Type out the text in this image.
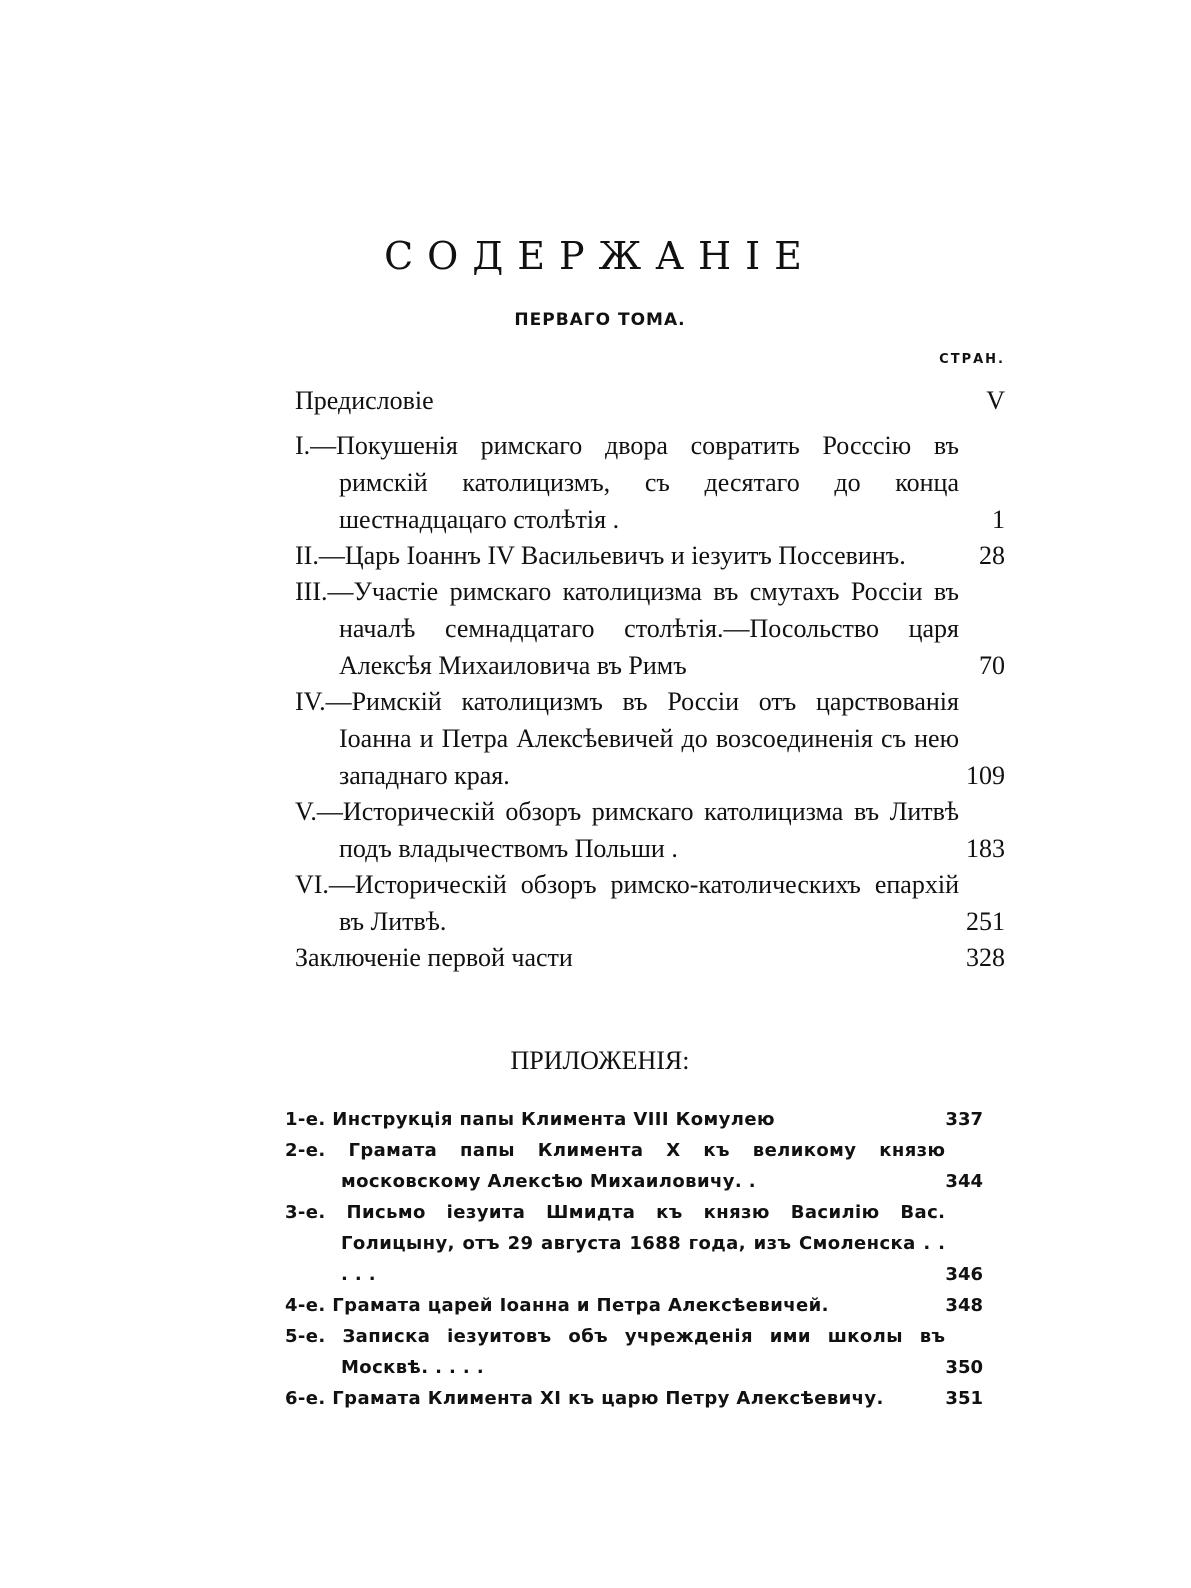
СОДЕРЖАНІЕ
ПЕРВАГО ТОМА.
СТРАН.
Предисловіе	V
I.—Покушенія римскаго двора совратить Росссію въ римскій католицизмъ, съ десятаго до конца шестнадцацаго столѣтія .	1
II.—Царь Іоаннъ IV Васильевичъ и іезуитъ Поссевинъ.	28
III.—Участіе римскаго католицизма въ смутахъ Россіи въ началѣ семнадцатаго столѣтія.—Посольство царя Алексѣя Михаиловича въ Римъ	70
IV.—Римскій католицизмъ въ Россіи отъ царствованія Іоанна и Петра Алексѣевичей до возсоединенія съ нею западнаго края.	109
V.—Историческій обзоръ римскаго католицизма въ Литвѣ подъ владычествомъ Польши .	183
VI.—Историческій обзоръ римско-католическихъ епархій въ Литвѣ.	251
Заключеніе первой части	328
ПРИЛОЖЕНІЯ:
1-е. Инструкція папы Климента VIII Комулею	337
2-е. Грамата папы Климента X къ великому князю московскому Алексѣю Михаиловичу. .	344
3-е. Письмо іезуита Шмидта къ князю Василію Вас. Голицыну, отъ 29 августа 1688 года, изъ Смоленска . . . . .	346
4-е. Грамата царей Іоанна и Петра Алексѣевичей.	348
5-е. Записка іезуитовъ объ учрежденія ими школы въ Москвѣ. . . . .	350
6-е. Грамата Климента XI къ царю Петру Алексѣевичу.	351
